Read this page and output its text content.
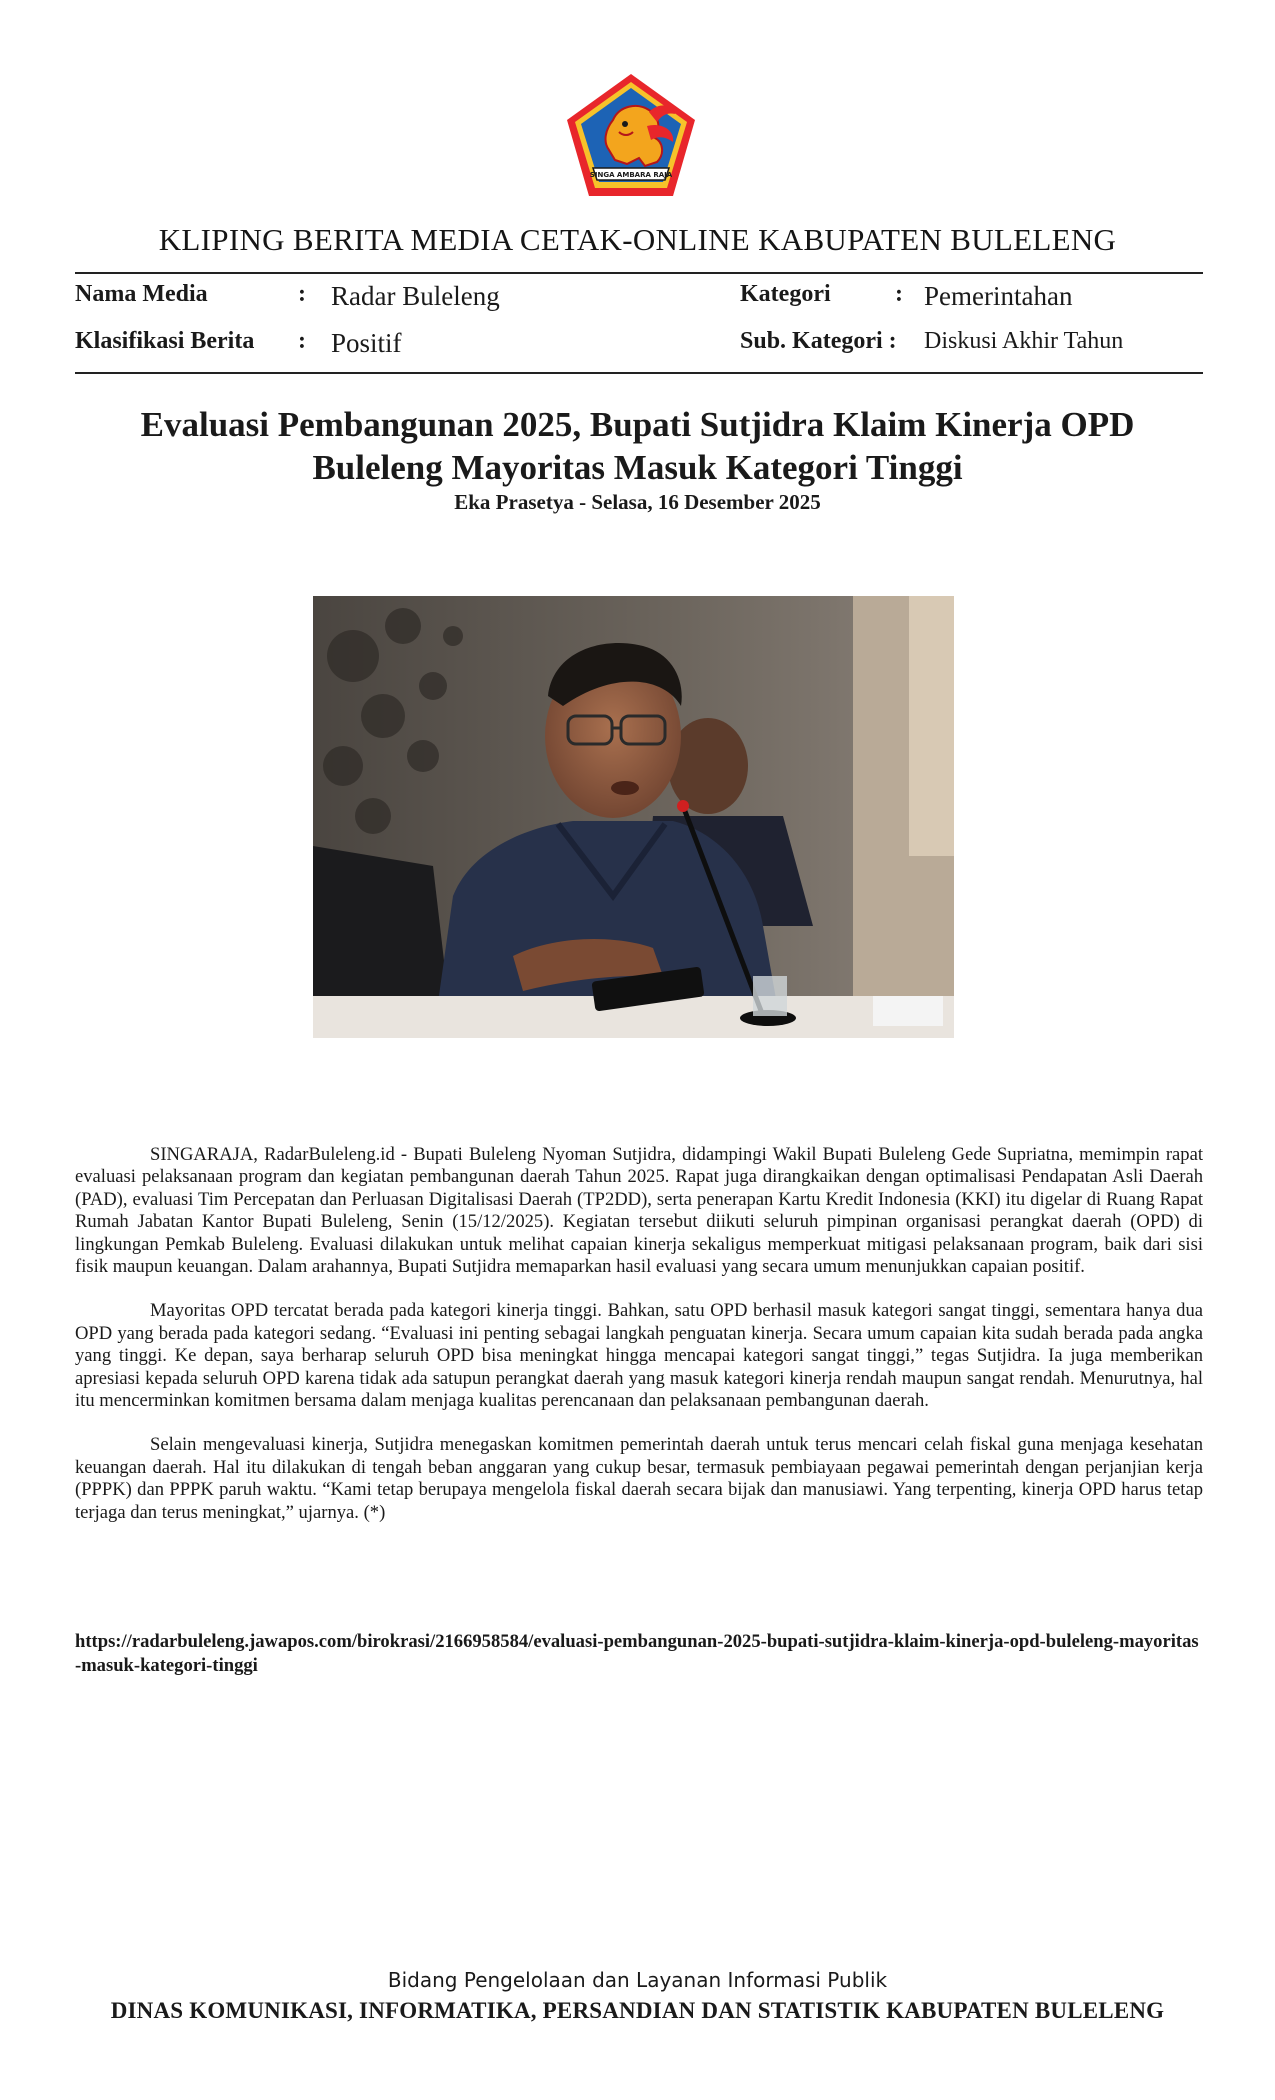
SINGA AMBARA RAJA
KLIPING BERITA MEDIA CETAK-ONLINE KABUPATEN BULELENG
Nama Media	: Radar Buleleng
Klasifikasi Berita : Positif
Kategori	: Pemerintahan
Sub. Kategori : Diskusi Akhir Tahun
Evaluasi Pembangunan 2025, Bupati Sutjidra Klaim Kinerja OPD Buleleng Mayoritas Masuk Kategori Tinggi
Eka Prasetya - Selasa, 16 Desember 2025

SINGARAJA, RadarBuleleng.id - Bupati Buleleng Nyoman Sutjidra, didampingi Wakil Bupati Buleleng Gede Supriatna, memimpin rapat evaluasi pelaksanaan program dan kegiatan pembangunan daerah Tahun 2025. Rapat juga dirangkaikan dengan optimalisasi Pendapatan Asli Daerah (PAD), evaluasi Tim Percepatan dan Perluasan Digitalisasi Daerah (TP2DD), serta penerapan Kartu Kredit Indonesia (KKI) itu digelar di Ruang Rapat Rumah Jabatan Kantor Bupati Buleleng, Senin (15/12/2025). Kegiatan tersebut diikuti seluruh pimpinan organisasi perangkat daerah (OPD) di lingkungan Pemkab Buleleng. Evaluasi dilakukan untuk melihat capaian kinerja sekaligus memperkuat mitigasi pelaksanaan program, baik dari sisi fisik maupun keuangan. Dalam arahannya, Bupati Sutjidra memaparkan hasil evaluasi yang secara umum menunjukkan capaian positif.

Mayoritas OPD tercatat berada pada kategori kinerja tinggi. Bahkan, satu OPD berhasil masuk kategori sangat tinggi, sementara hanya dua OPD yang berada pada kategori sedang. “Evaluasi ini penting sebagai langkah penguatan kinerja. Secara umum capaian kita sudah berada pada angka yang tinggi. Ke depan, saya berharap seluruh OPD bisa meningkat hingga mencapai kategori sangat tinggi,” tegas Sutjidra. Ia juga memberikan apresiasi kepada seluruh OPD karena tidak ada satupun perangkat daerah yang masuk kategori kinerja rendah maupun sangat rendah. Menurutnya, hal itu mencerminkan komitmen bersama dalam menjaga kualitas perencanaan dan pelaksanaan pembangunan daerah.

Selain mengevaluasi kinerja, Sutjidra menegaskan komitmen pemerintah daerah untuk terus mencari celah fiskal guna menjaga kesehatan keuangan daerah. Hal itu dilakukan di tengah beban anggaran yang cukup besar, termasuk pembiayaan pegawai pemerintah dengan perjanjian kerja (PPPK) dan PPPK paruh waktu. “Kami tetap berupaya mengelola fiskal daerah secara bijak dan manusiawi. Yang terpenting, kinerja OPD harus tetap terjaga dan terus meningkat,” ujarnya. (*)

https://radarbuleleng.jawapos.com/birokrasi/2166958584/evaluasi-pembangunan-2025-bupati-sutjidra-klaim-kinerja-opd-buleleng-mayoritas-masuk-kategori-tinggi
Bidang Pengelolaan dan Layanan Informasi Publik
DINAS KOMUNIKASI, INFORMATIKA, PERSANDIAN DAN STATISTIK KABUPATEN BULELENG
